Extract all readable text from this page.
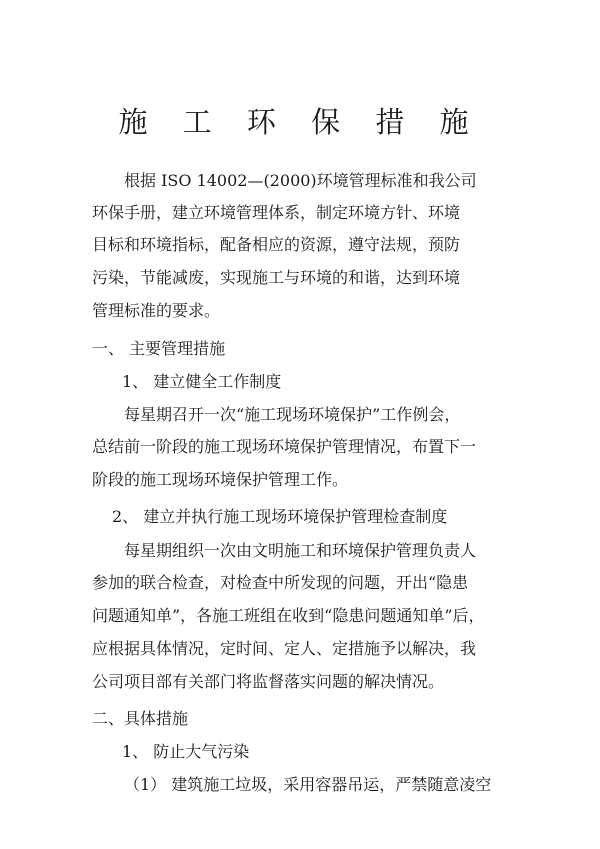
施 工 环 保 措 施
根据 ISO 14002—(2000)环境管理标准和我公司
环保手册，建立环境管理体系，制定环境方针、环境
目标和环境指标，配备相应的资源，遵守法规，预防
污染，节能减废，实现施工与环境的和谐，达到环境
管理标准的要求。
一、 主要管理措施
1、 建立健全工作制度
每星期召开一次“施工现场环境保护”工作例会，
总结前一阶段的施工现场环境保护管理情况，布置下一
阶段的施工现场环境保护管理工作。
2、 建立并执行施工现场环境保护管理检查制度
每星期组织一次由文明施工和环境保护管理负责人
参加的联合检查，对检查中所发现的问题，开出“隐患
问题通知单”，各施工班组在收到“隐患问题通知单”后，
应根据具体情况，定时间、定人、定措施予以解决，我
公司项目部有关部门将监督落实问题的解决情况。
二、具体措施
1、 防止大气污染
（1） 建筑施工垃圾，采用容器吊运，严禁随意凌空
